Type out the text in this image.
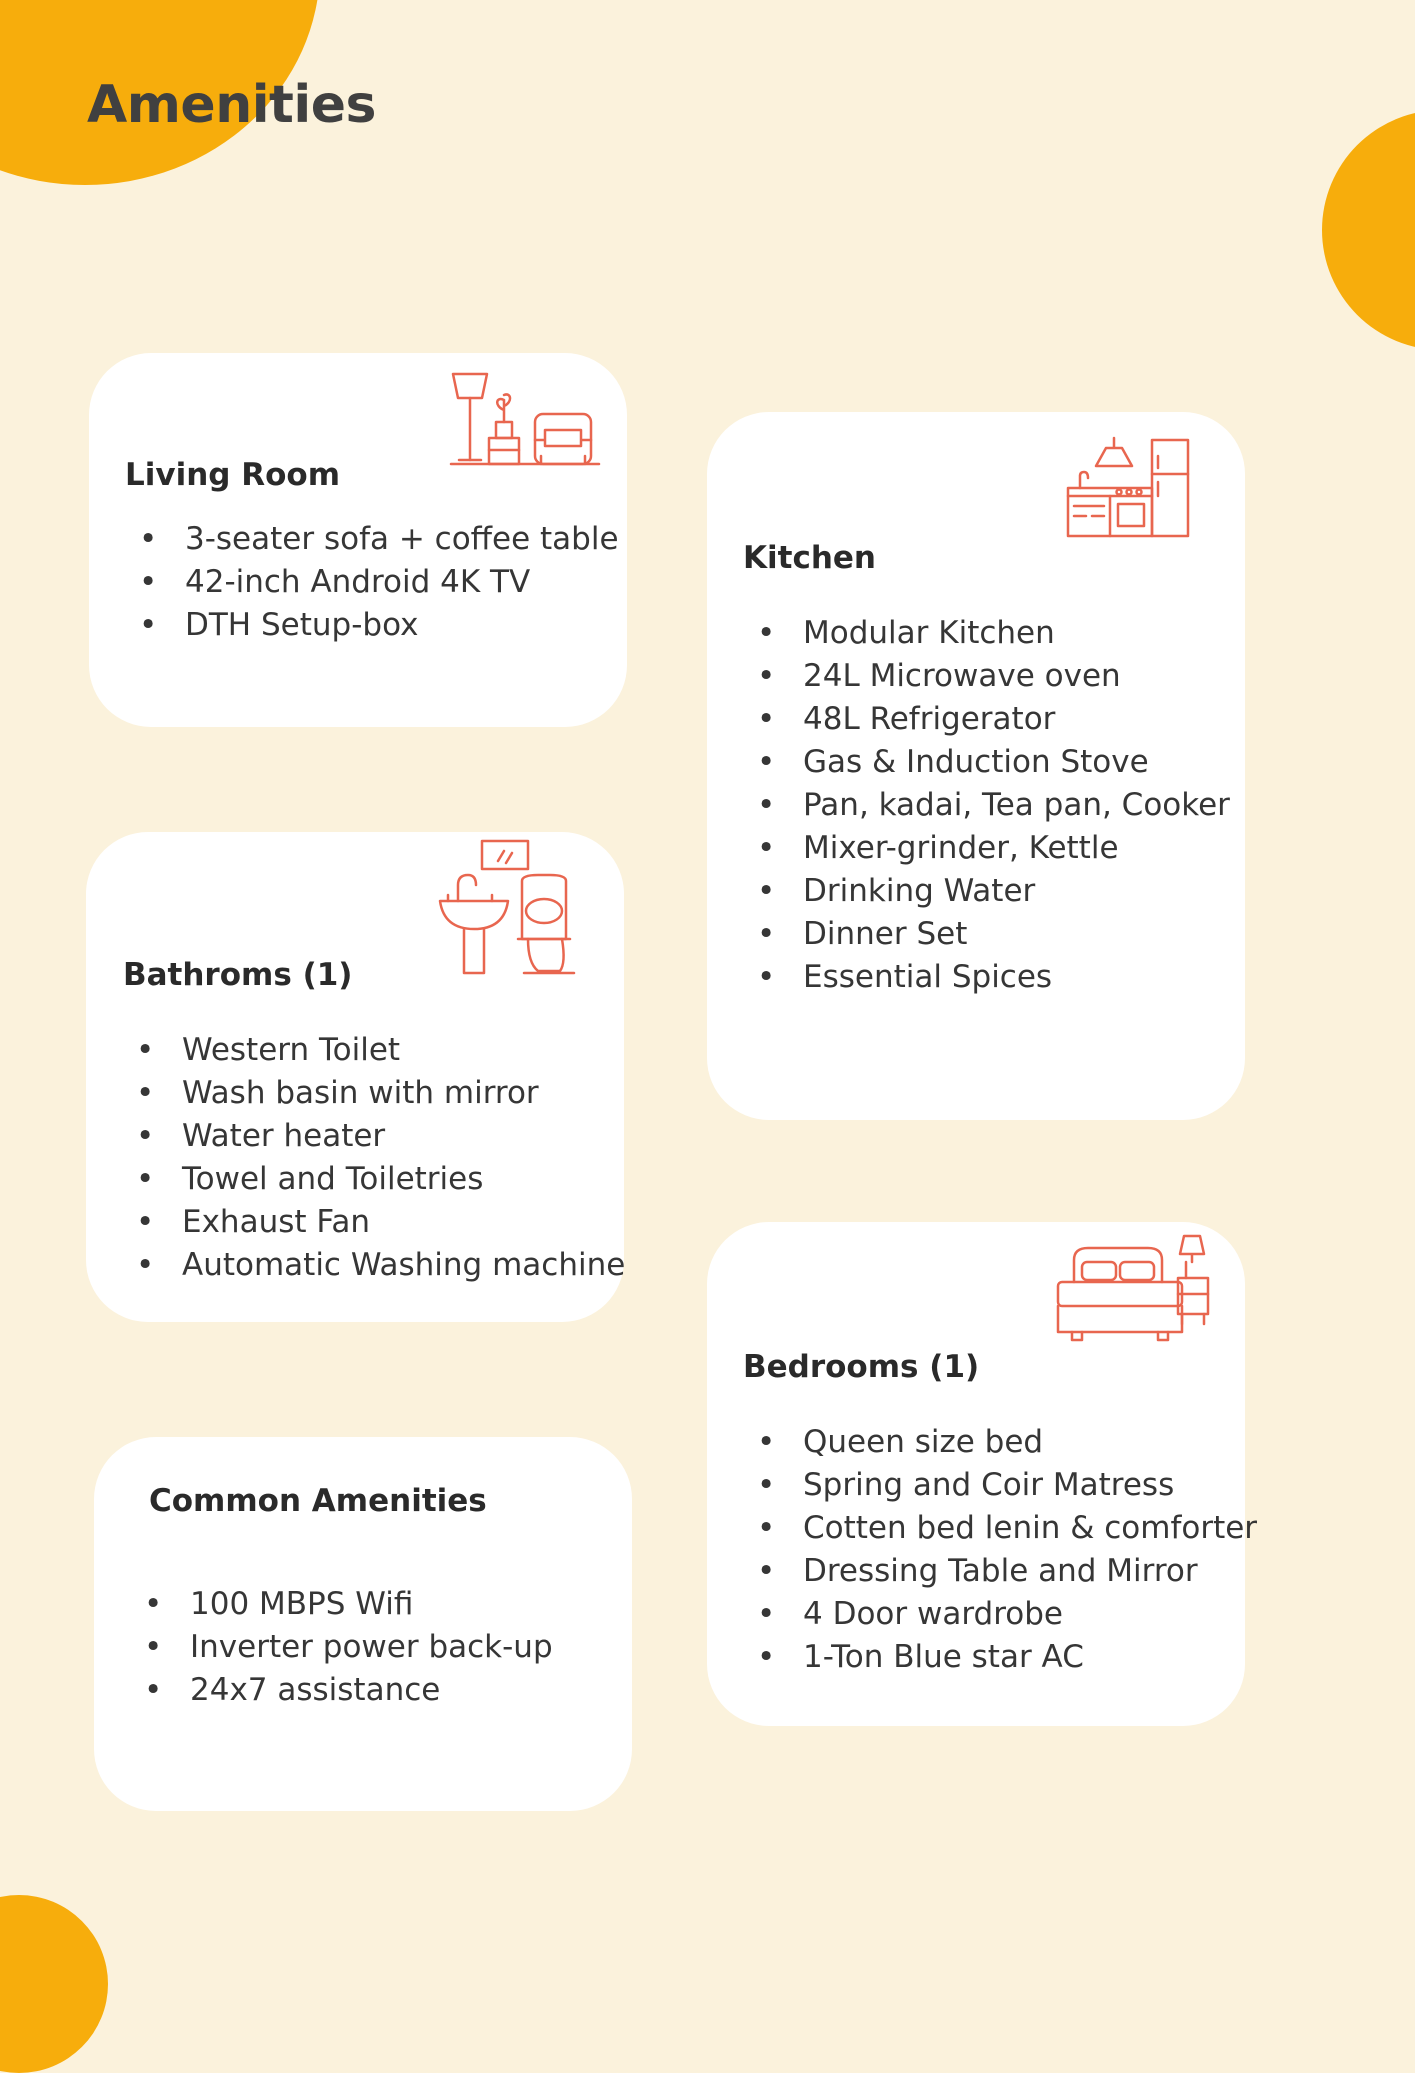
Amenities
Living Room
• 3-seater sofa + coffee table
• 42-inch Android 4K TV
• DTH Setup-box
Kitchen
• Modular Kitchen
• 24L Microwave oven
• 48L Refrigerator
• Gas & Induction Stove
• Pan, kadai, Tea pan, Cooker
• Mixer-grinder, Kettle
• Drinking Water
• Dinner Set
• Essential Spices
Bathroms (1)
• Western Toilet
• Wash basin with mirror
• Water heater
• Towel and Toiletries
• Exhaust Fan
• Automatic Washing machine
Bedrooms (1)
• Queen size bed
• Spring and Coir Matress
• Cotten bed lenin & comforter
• Dressing Table and Mirror
• 4 Door wardrobe
• 1-Ton Blue star AC
Common Amenities
• 100 MBPS Wifi
• Inverter power back-up
• 24x7 assistance
